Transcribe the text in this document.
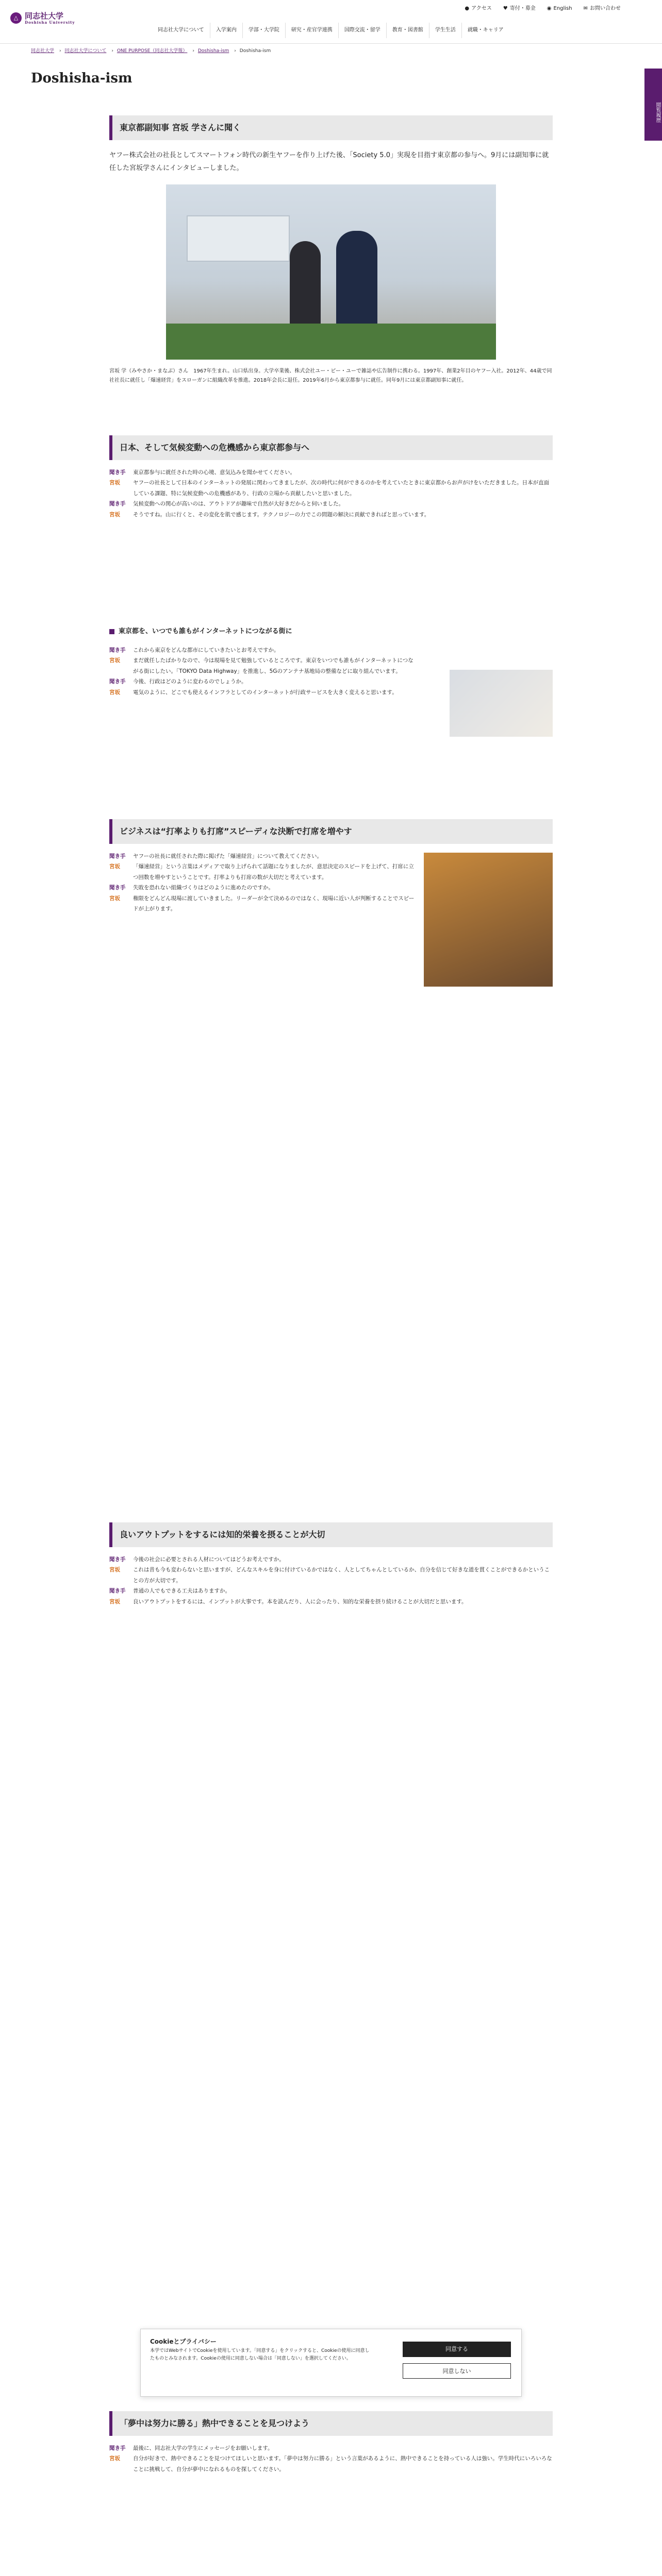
△ 同志社大学
Doshisha University
● アクセス ♥ 寄付・募金 ◉ English ✉ お問い合わせ
同志社大学について	入学案内	学部・大学院	研究・産官学連携	国際交流・留学	教育・図書館	学生生活	就職・キャリア
同志社大学 › 同志社大学について › ONE PURPOSE（同志社大学報） › Doshisha-ism › Doshisha-ism
Doshisha-ism
閲覧履歴
東京都副知事 宮坂 学さんに聞く

ヤフー株式会社の社長としてスマートフォン時代の新生ヤフーを作り上げた後、「Society 5.0」実現を目指す東京都の参与へ。9月には副知事に就任した宮坂学さんにインタビューしました。

宮坂 学（みやさか・まなぶ）さん　1967年生まれ。山口県出身。大学卒業後、株式会社ユー・ピー・ユーで雑誌や広告制作に携わる。1997年、創業2年目のヤフー入社。2012年、44歳で同社社長に就任し「爆速経営」をスローガンに組織改革を推進。2018年会長に退任。2019年6月から東京都参与に就任。同年9月には東京都副知事に就任。

日本、そして気候変動への危機感から東京都参与へ

聞き手	東京都参与に就任された時の心境、意気込みを聞かせてください。

宮坂	ヤフーの社長として日本のインターネットの発展に関わってきましたが、次の時代に何ができるのかを考えていたときに東京都からお声がけをいただきました。日本が直面している課題、特に気候変動への危機感があり、行政の立場から貢献したいと思いました。

聞き手	気候変動への関心が高いのは、アウトドアが趣味で自然が大好きだからと伺いました。

宮坂	そうですね。山に行くと、その変化を肌で感じます。テクノロジーの力でこの問題の解決に貢献できればと思っています。

東京都を、いつでも誰もがインターネットにつながる街に

聞き手	これから東京をどんな都市にしていきたいとお考えですか。

宮坂	まだ就任したばかりなので、今は現場を見て勉強しているところです。東京をいつでも誰もがインターネットにつながる街にしたい。「TOKYO Data Highway」を推進し、5Gのアンテナ基地局の整備などに取り組んでいます。

聞き手	今後、行政はどのように変わるのでしょうか。

宮坂	電気のように、どこでも使えるインフラとしてのインターネットが行政サービスを大きく変えると思います。

ビジネスは“打率よりも打席”スピーディな決断で打席を増やす

聞き手	ヤフーの社長に就任された際に掲げた「爆速経営」について教えてください。

宮坂	「爆速経営」という言葉はメディアで取り上げられて話題になりましたが、意思決定のスピードを上げて、打席に立つ回数を増やすということです。打率よりも打席の数が大切だと考えています。

聞き手	失敗を恐れない組織づくりはどのように進めたのですか。

宮坂	権限をどんどん現場に渡していきました。リーダーが全て決めるのではなく、現場に近い人が判断することでスピードが上がります。

良いアウトプットをするには知的栄養を摂ることが大切

聞き手	今後の社会に必要とされる人材についてはどうお考えですか。

宮坂	これは昔も今も変わらないと思いますが、どんなスキルを身に付けているかではなく、人としてちゃんとしているか、自分を信じて好きな道を貫くことができるかということの方が大切です。

聞き手	普通の人でもできる工夫はありますか。

宮坂	良いアウトプットをするには、インプットが大事です。本を読んだり、人に会ったり、知的な栄養を摂り続けることが大切だと思います。

Cookieとプライバシー

本学ではWebサイトでCookieを使用しています。「同意する」をクリックすると、Cookieの使用に同意したものとみなされます。Cookieの使用に同意しない場合は「同意しない」を選択してください。

同意する
同意しない
「夢中は努力に勝る」熱中できることを見つけよう

聞き手	最後に、同志社大学の学生にメッセージをお願いします。

宮坂	自分が好きで、熱中できることを見つけてほしいと思います。「夢中は努力に勝る」という言葉があるように、熱中できることを持っている人は強い。学生時代にいろいろなことに挑戦して、自分が夢中になれるものを探してください。
